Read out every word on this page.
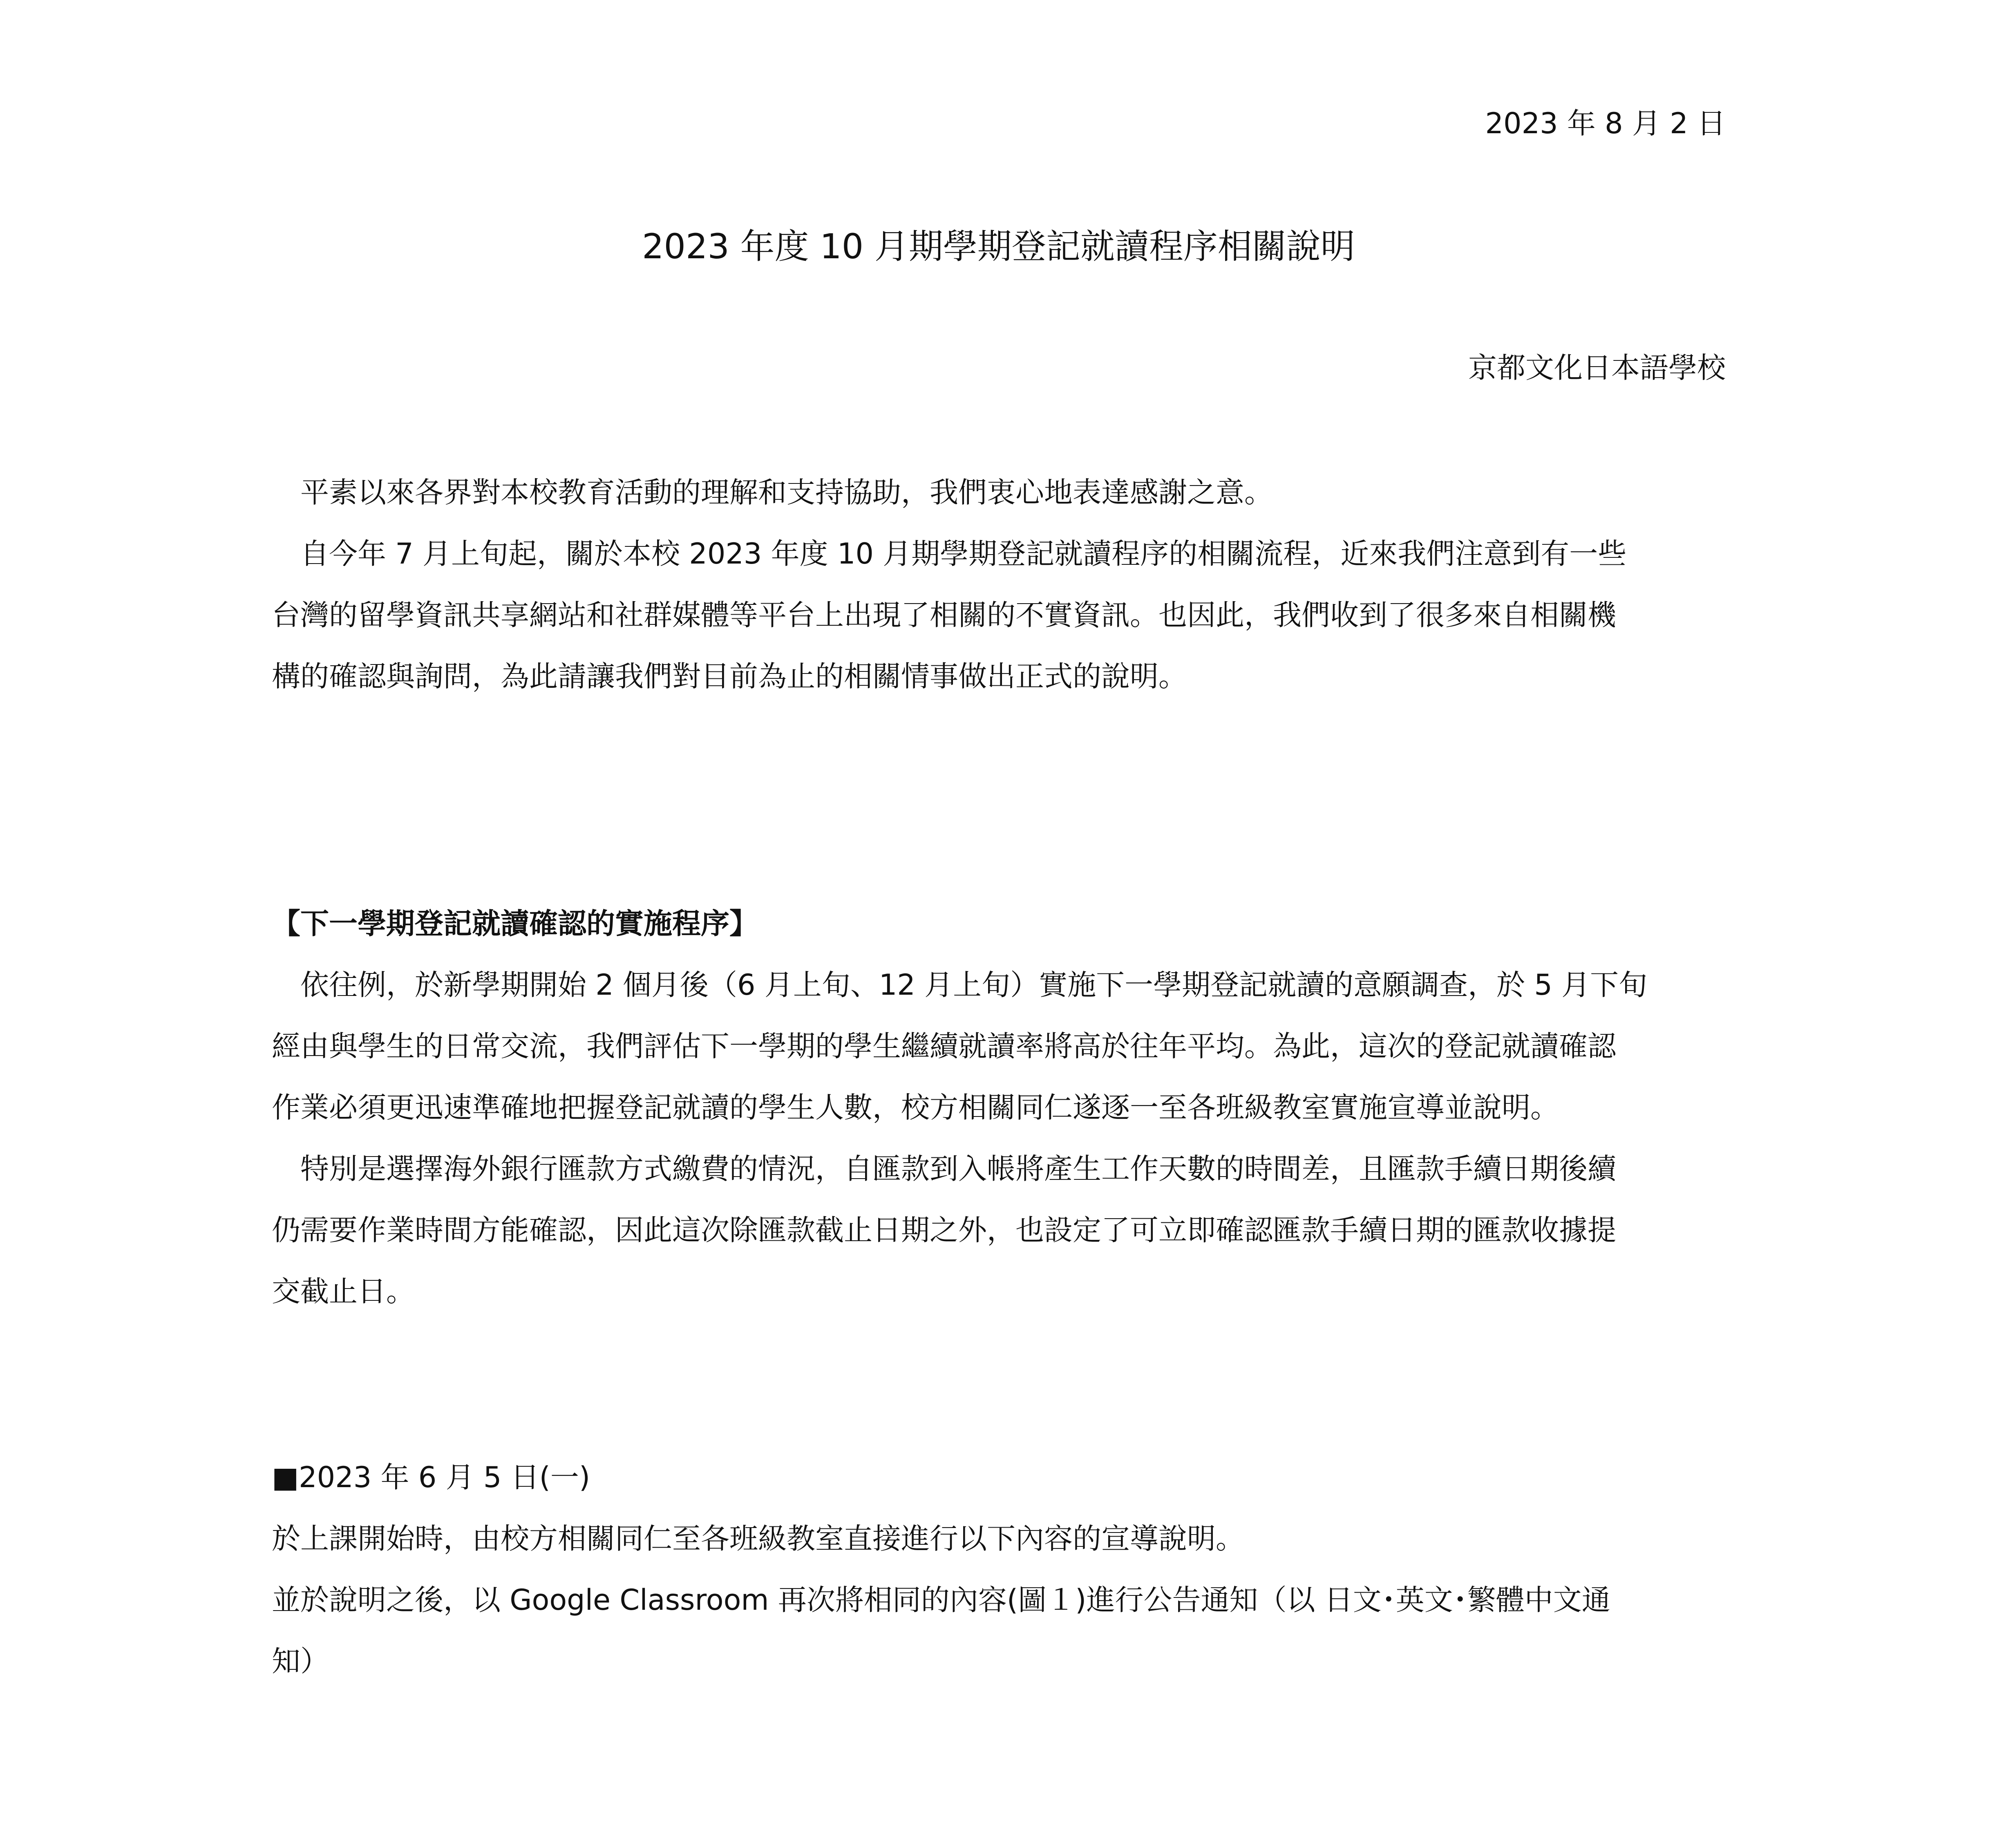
2023 年 8 月 2 日
2023 年度 10 月期學期登記就讀程序相關說明
京都文化日本語學校
　平素以來各界對本校教育活動的理解和支持協助，我們衷心地表達感謝之意。
　自今年 7 月上旬起，關於本校 2023 年度 10 月期學期登記就讀程序的相關流程，近來我們注意到有一些
台灣的留學資訊共享網站和社群媒體等平台上出現了相關的不實資訊。也因此，我們收到了很多來自相關機
構的確認與詢問，為此請讓我們對目前為止的相關情事做出正式的說明。
【下一學期登記就讀確認的實施程序】
　依往例，於新學期開始 2 個月後（6 月上旬、12 月上旬）實施下一學期登記就讀的意願調查，於 5 月下旬
經由與學生的日常交流，我們評估下一學期的學生繼續就讀率將高於往年平均。為此，這次的登記就讀確認
作業必須更迅速準確地把握登記就讀的學生人數，校方相關同仁遂逐一至各班級教室實施宣導並說明。
　特別是選擇海外銀行匯款方式繳費的情況，自匯款到入帳將產生工作天數的時間差，且匯款手續日期後續
仍需要作業時間方能確認，因此這次除匯款截止日期之外，也設定了可立即確認匯款手續日期的匯款收據提
交截止日。
■2023 年 6 月 5 日(一)
於上課開始時，由校方相關同仁至各班級教室直接進行以下內容的宣導說明。
並於說明之後，以 Google Classroom 再次將相同的內容(圖１)進行公告通知（以 日文･英文･繁體中文通
知）
